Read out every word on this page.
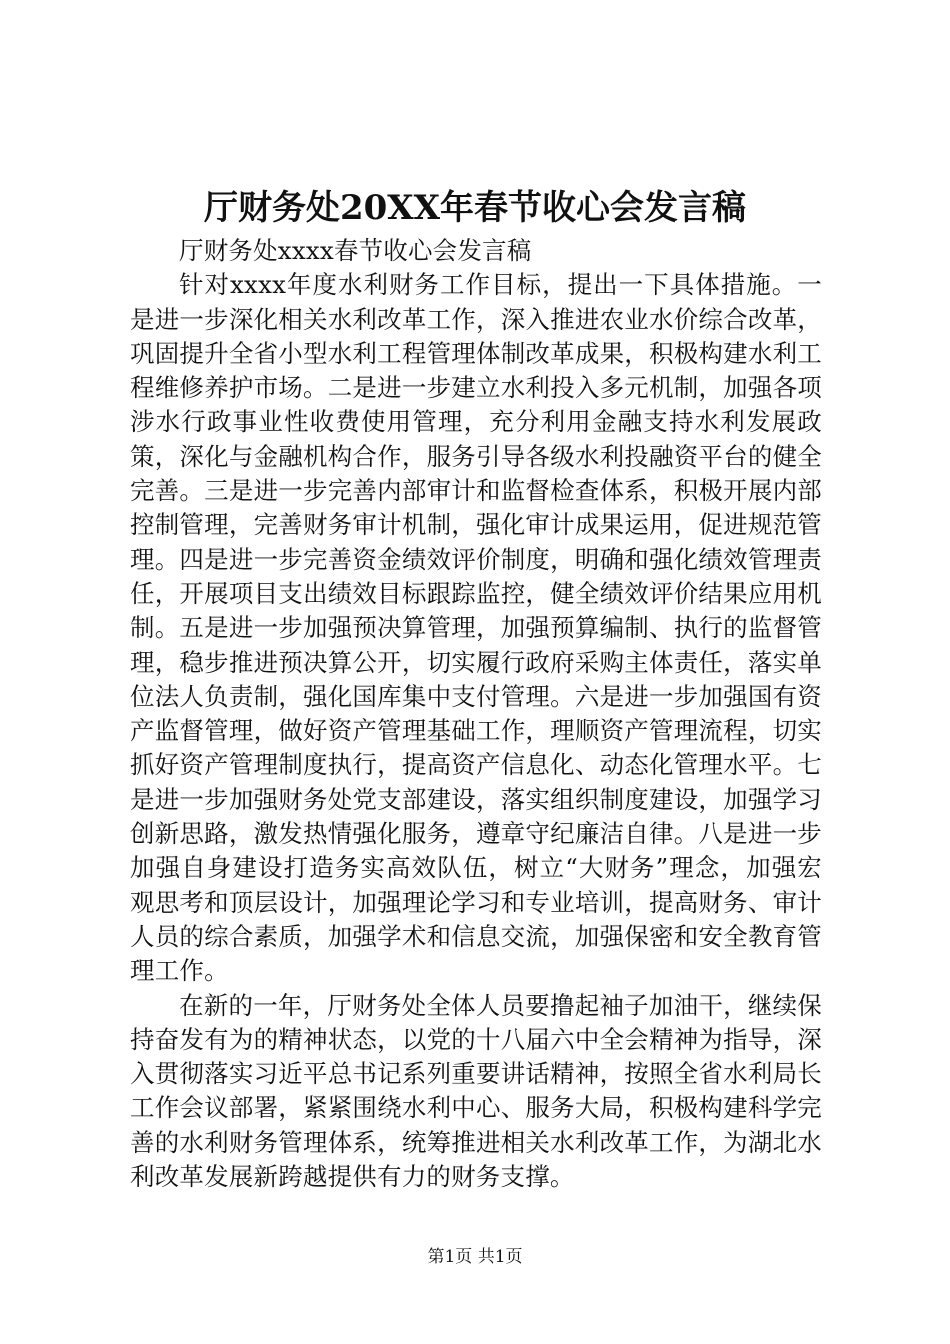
厅财务处20XX年春节收心会发言稿

厅财务处xxxx春节收心会发言稿

针对xxxx年度水利财务工作目标，提出一下具体措施。一是进一步深化相关水利改革工作，深入推进农业水价综合改革，巩固提升全省小型水利工程管理体制改革成果，积极构建水利工程维修养护市场。二是进一步建立水利投入多元机制，加强各项涉水行政事业性收费使用管理，充分利用金融支持水利发展政策，深化与金融机构合作，服务引导各级水利投融资平台的健全完善。三是进一步完善内部审计和监督检查体系，积极开展内部控制管理，完善财务审计机制，强化审计成果运用，促进规范管理。四是进一步完善资金绩效评价制度，明确和强化绩效管理责任，开展项目支出绩效目标跟踪监控，健全绩效评价结果应用机制。五是进一步加强预决算管理，加强预算编制、执行的监督管理，稳步推进预决算公开，切实履行政府采购主体责任，落实单位法人负责制，强化国库集中支付管理。六是进一步加强国有资产监督管理，做好资产管理基础工作，理顺资产管理流程，切实抓好资产管理制度执行，提高资产信息化、动态化管理水平。七是进一步加强财务处党支部建设，落实组织制度建设，加强学习创新思路，激发热情强化服务，遵章守纪廉洁自律。八是进一步加强自身建设打造务实高效队伍，树立“大财务”理念，加强宏观思考和顶层设计，加强理论学习和专业培训，提高财务、审计人员的综合素质，加强学术和信息交流，加强保密和安全教育管理工作。

在新的一年，厅财务处全体人员要撸起袖子加油干，继续保持奋发有为的精神状态，以党的十八届六中全会精神为指导，深入贯彻落实习近平总书记系列重要讲话精神，按照全省水利局长工作会议部署，紧紧围绕水利中心、服务大局，积极构建科学完善的水利财务管理体系，统筹推进相关水利改革工作，为湖北水利改革发展新跨越提供有力的财务支撑。

第1页 共1页
